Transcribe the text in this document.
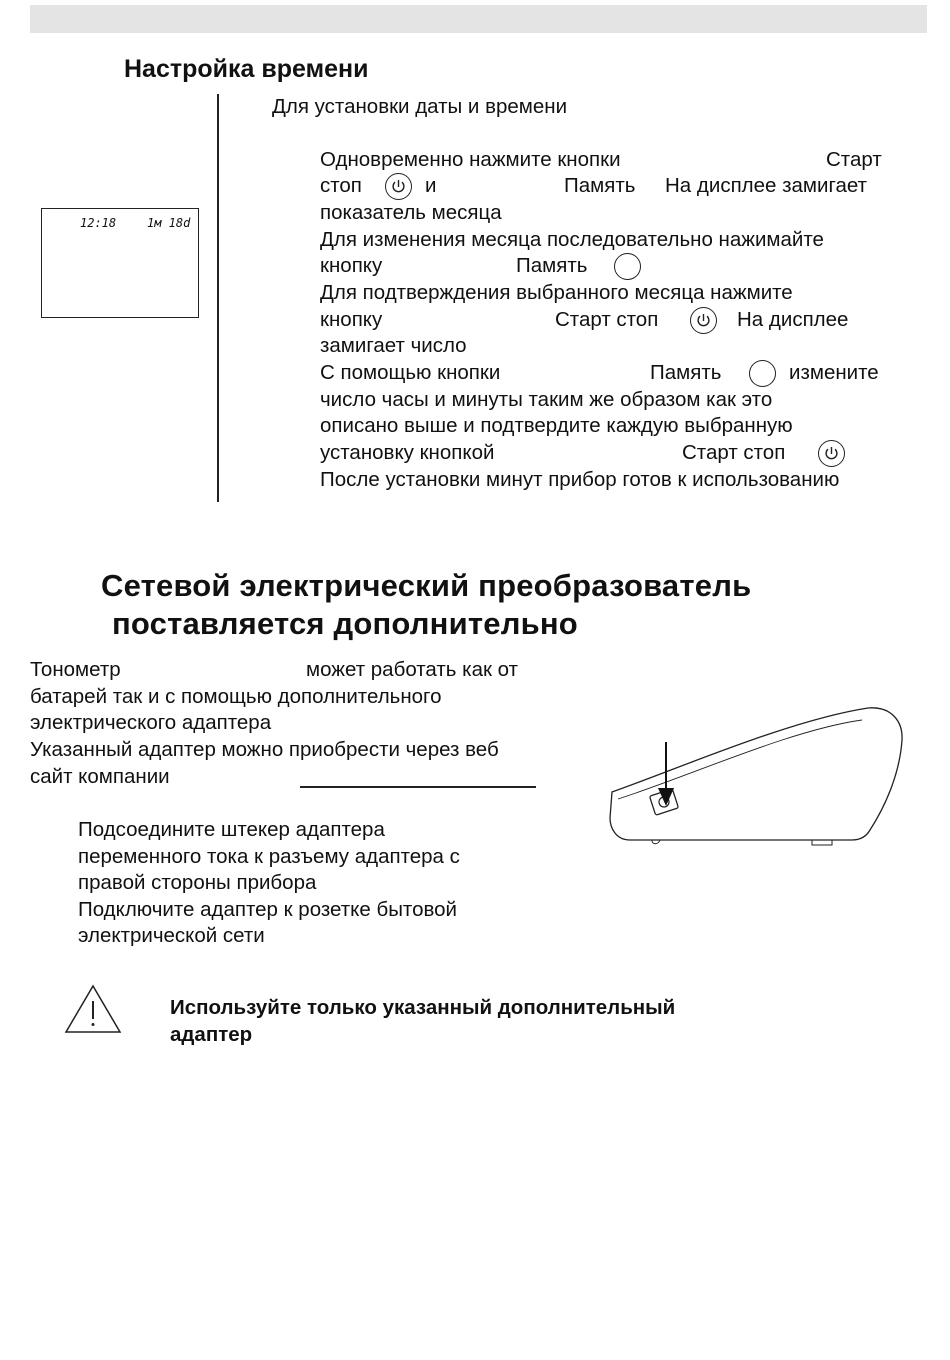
Настройка времени
12:18	1м 18d
Для установки даты и времени
Одновременно нажмите кнопки	Старт
стоп	и	Память На дисплее замигает
показатель месяца
Для изменения месяца последовательно нажимайте
кнопку	Память
Для подтверждения выбранного месяца нажмите
кнопку	Старт стоп	На дисплее
замигает число
С помощью кнопки	Память	измените
число часы и минуты таким же образом как это
описано выше и подтвердите каждую выбранную
установку кнопкой	Старт стоп
После установки минут прибор готов к использованию
Сетевой электрический преобразователь
поставляется дополнительно
Тонометр	может работать как от
батарей так и с помощью дополнительного
электрического адаптера
Указанный адаптер можно приобрести через веб
сайт компании
Подсоедините штекер адаптера
переменного тока к разъему адаптера с
правой стороны прибора
Подключите адаптер к розетке бытовой
электрической сети
Используйте только указанный дополнительный
адаптер
